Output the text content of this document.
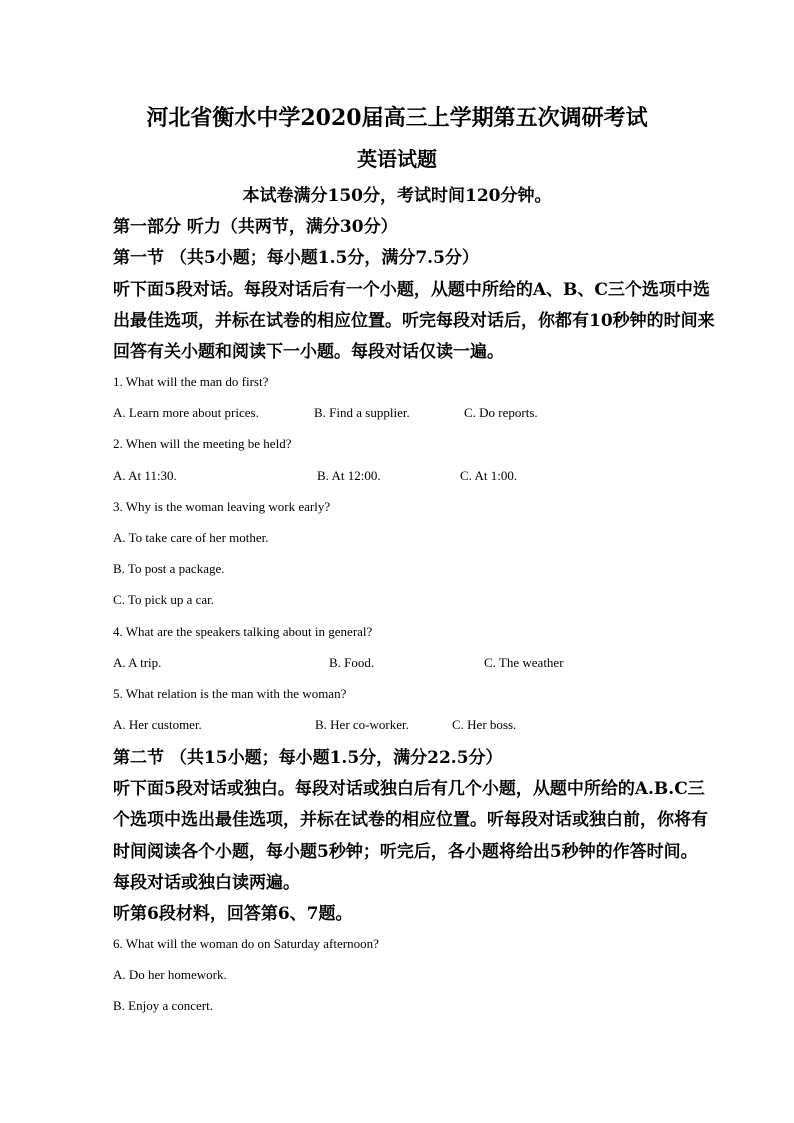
河北省衡水中学2020届高三上学期第五次调研考试
英语试题
本试卷满分150分，考试时间120分钟。
第一部分 听力（共两节，满分30分）
第一节 （共5小题；每小题1.5分，满分7.5分）
听下面5段对话。每段对话后有一个小题，从题中所给的A、B、C三个选项中选
出最佳选项，并标在试卷的相应位置。听完每段对话后，你都有10秒钟的时间来
回答有关小题和阅读下一小题。每段对话仅读一遍。
1. What will the man do first?
A. Learn more about prices.	B. Find a supplier.	C. Do reports.
2. When will the meeting be held?
A. At 11:30.	B. At 12:00.	C. At 1:00.
3. Why is the woman leaving work early?
A. To take care of her mother.
B. To post a package.
C. To pick up a car.
4. What are the speakers talking about in general?
A. A trip.	B. Food.	C. The weather
5. What relation is the man with the woman?
A. Her customer.	B. Her co-worker.	C. Her boss.
第二节 （共15小题；每小题1.5分，满分22.5分）
听下面5段对话或独白。每段对话或独白后有几个小题，从题中所给的A.B.C三
个选项中选出最佳选项，并标在试卷的相应位置。听每段对话或独白前，你将有
时间阅读各个小题，每小题5秒钟；听完后，各小题将给出5秒钟的作答时间。
每段对话或独白读两遍。
听第6段材料，回答第6、7题。
6. What will the woman do on Saturday afternoon?
A. Do her homework.
B. Enjoy a concert.
